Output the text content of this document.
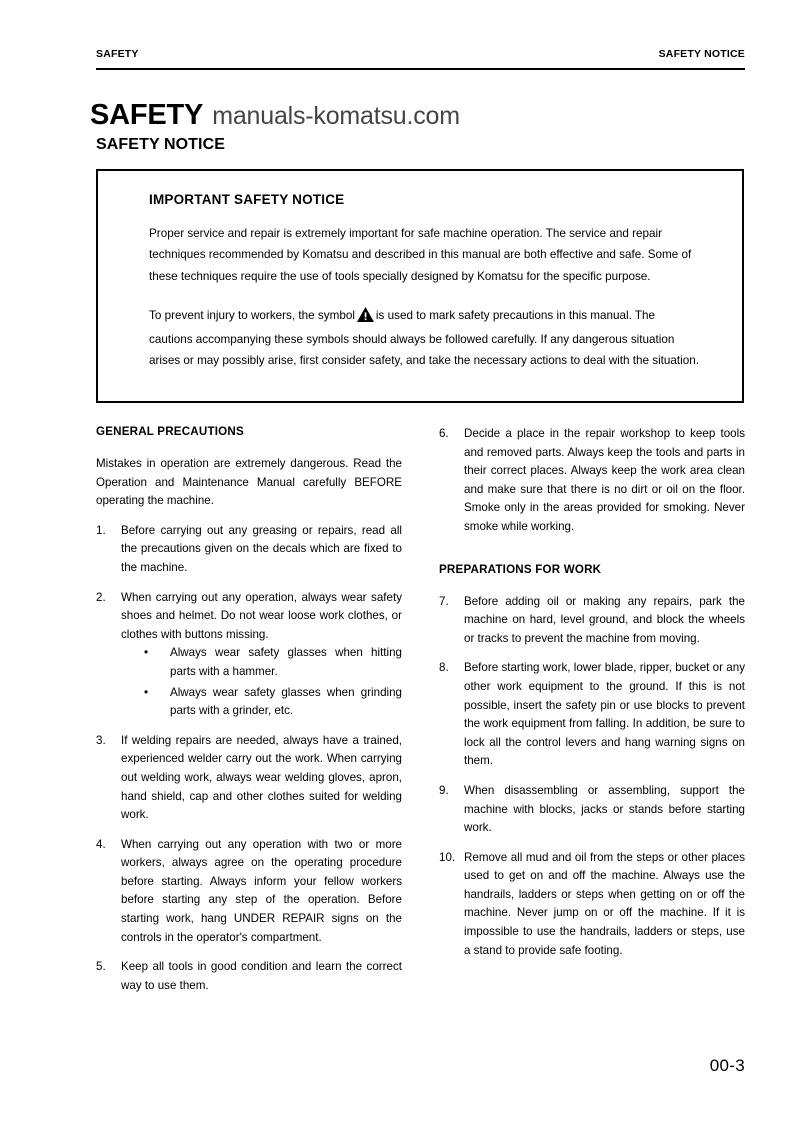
SAFETY	SAFETY NOTICE
SAFETY manuals-komatsu.com
SAFETY NOTICE
IMPORTANT SAFETY NOTICE

Proper service and repair is extremely important for safe machine operation. The service and repair techniques recommended by Komatsu and described in this manual are both effective and safe. Some of these techniques require the use of tools specially designed by Komatsu for the specific purpose.

To prevent injury to workers, the symbol is used to mark safety precautions in this manual. The cautions accompanying these symbols should always be followed carefully. If any dangerous situation arises or may possibly arise, first consider safety, and take the necessary actions to deal with the situation.

GENERAL PRECAUTIONS

Mistakes in operation are extremely dangerous. Read the Operation and Maintenance Manual carefully BEFORE operating the machine.

1.	Before carrying out any greasing or repairs, read all the precautions given on the decals which are fixed to the machine.
2.	When carrying out any operation, always wear safety shoes and helmet. Do not wear loose work clothes, or clothes with buttons missing.
• Always wear safety glasses when hitting parts with a hammer.
• Always wear safety glasses when grinding parts with a grinder, etc.
3.	If welding repairs are needed, always have a trained, experienced welder carry out the work. When carrying out welding work, always wear welding gloves, apron, hand shield, cap and other clothes suited for welding work.
4.	When carrying out any operation with two or more workers, always agree on the operating procedure before starting. Always inform your fellow workers before starting any step of the operation. Before starting work, hang UNDER REPAIR signs on the controls in the operator's compartment.
5.	Keep all tools in good condition and learn the correct way to use them.
6.	Decide a place in the repair workshop to keep tools and removed parts. Always keep the tools and parts in their correct places. Always keep the work area clean and make sure that there is no dirt or oil on the floor. Smoke only in the areas provided for smoking. Never smoke while working.
PREPARATIONS FOR WORK
7.	Before adding oil or making any repairs, park the machine on hard, level ground, and block the wheels or tracks to prevent the machine from moving.
8.	Before starting work, lower blade, ripper, bucket or any other work equipment to the ground. If this is not possible, insert the safety pin or use blocks to prevent the work equipment from falling. In addition, be sure to lock all the control levers and hang warning signs on them.
9.	When disassembling or assembling, support the machine with blocks, jacks or stands before starting work.
10. Remove all mud and oil from the steps or other places used to get on and off the machine. Always use the handrails, ladders or steps when getting on or off the machine. Never jump on or off the machine. If it is impossible to use the handrails, ladders or steps, use a stand to provide safe footing.
00-3
